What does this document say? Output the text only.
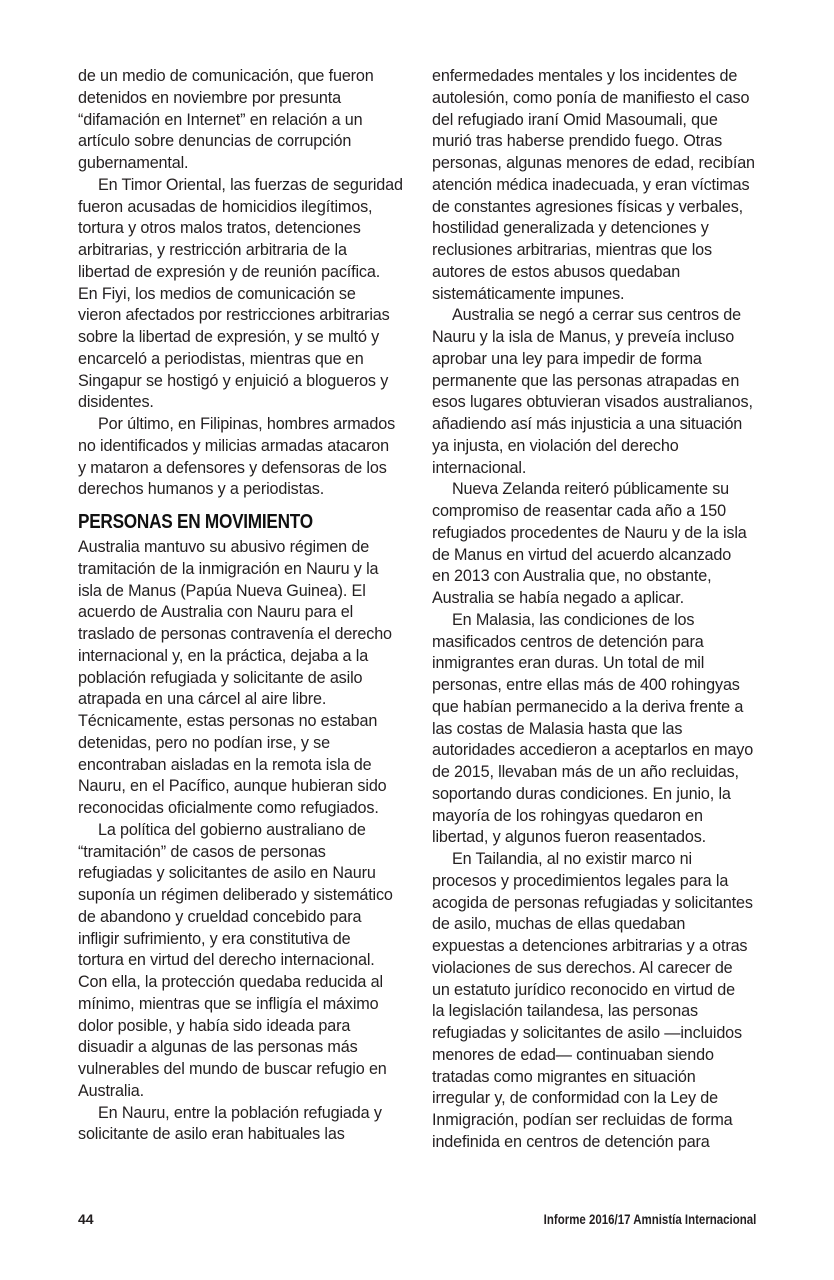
de un medio de comunicación, que fueron
detenidos en noviembre por presunta
“difamación en Internet” en relación a un
artículo sobre denuncias de corrupción
gubernamental.
En Timor Oriental, las fuerzas de seguridad
fueron acusadas de homicidios ilegítimos,
tortura y otros malos tratos, detenciones
arbitrarias, y restricción arbitraria de la
libertad de expresión y de reunión pacífica.
En Fiyi, los medios de comunicación se
vieron afectados por restricciones arbitrarias
sobre la libertad de expresión, y se multó y
encarceló a periodistas, mientras que en
Singapur se hostigó y enjuició a blogueros y
disidentes.
Por último, en Filipinas, hombres armados
no identificados y milicias armadas atacaron
y mataron a defensores y defensoras de los
derechos humanos y a periodistas.
PERSONAS EN MOVIMIENTO
Australia mantuvo su abusivo régimen de
tramitación de la inmigración en Nauru y la
isla de Manus (Papúa Nueva Guinea). El
acuerdo de Australia con Nauru para el
traslado de personas contravenía el derecho
internacional y, en la práctica, dejaba a la
población refugiada y solicitante de asilo
atrapada en una cárcel al aire libre.
Técnicamente, estas personas no estaban
detenidas, pero no podían irse, y se
encontraban aisladas en la remota isla de
Nauru, en el Pacífico, aunque hubieran sido
reconocidas oficialmente como refugiados.
La política del gobierno australiano de
“tramitación” de casos de personas
refugiadas y solicitantes de asilo en Nauru
suponía un régimen deliberado y sistemático
de abandono y crueldad concebido para
infligir sufrimiento, y era constitutiva de
tortura en virtud del derecho internacional.
Con ella, la protección quedaba reducida al
mínimo, mientras que se infligía el máximo
dolor posible, y había sido ideada para
disuadir a algunas de las personas más
vulnerables del mundo de buscar refugio en
Australia.
En Nauru, entre la población refugiada y
solicitante de asilo eran habituales las
enfermedades mentales y los incidentes de
autolesión, como ponía de manifiesto el caso
del refugiado iraní Omid Masoumali, que
murió tras haberse prendido fuego. Otras
personas, algunas menores de edad, recibían
atención médica inadecuada, y eran víctimas
de constantes agresiones físicas y verbales,
hostilidad generalizada y detenciones y
reclusiones arbitrarias, mientras que los
autores de estos abusos quedaban
sistemáticamente impunes.
Australia se negó a cerrar sus centros de
Nauru y la isla de Manus, y preveía incluso
aprobar una ley para impedir de forma
permanente que las personas atrapadas en
esos lugares obtuvieran visados australianos,
añadiendo así más injusticia a una situación
ya injusta, en violación del derecho
internacional.
Nueva Zelanda reiteró públicamente su
compromiso de reasentar cada año a 150
refugiados procedentes de Nauru y de la isla
de Manus en virtud del acuerdo alcanzado
en 2013 con Australia que, no obstante,
Australia se había negado a aplicar.
En Malasia, las condiciones de los
masificados centros de detención para
inmigrantes eran duras. Un total de mil
personas, entre ellas más de 400 rohingyas
que habían permanecido a la deriva frente a
las costas de Malasia hasta que las
autoridades accedieron a aceptarlos en mayo
de 2015, llevaban más de un año recluidas,
soportando duras condiciones. En junio, la
mayoría de los rohingyas quedaron en
libertad, y algunos fueron reasentados.
En Tailandia, al no existir marco ni
procesos y procedimientos legales para la
acogida de personas refugiadas y solicitantes
de asilo, muchas de ellas quedaban
expuestas a detenciones arbitrarias y a otras
violaciones de sus derechos. Al carecer de
un estatuto jurídico reconocido en virtud de
la legislación tailandesa, las personas
refugiadas y solicitantes de asilo —incluidos
menores de edad— continuaban siendo
tratadas como migrantes en situación
irregular y, de conformidad con la Ley de
Inmigración, podían ser recluidas de forma
indefinida en centros de detención para
44	Informe 2016/17 Amnistía Internacional
